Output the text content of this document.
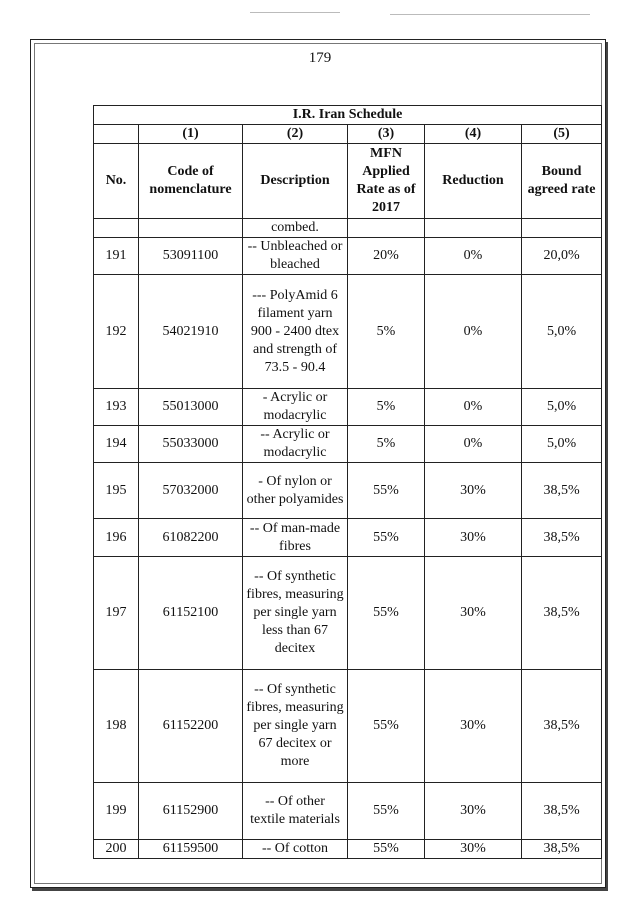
179
I.R. Iran Schedule					
	(1)	(2)	(3)	(4)	(5)
No.	Code of nomenclature	Description	MFN Applied Rate as of 2017	Reduction	Bound agreed rate
		combed.			
191	53091100	-- Unbleached or bleached	20%	0%	20,0%
192	54021910	--- PolyAmid 6 filament yarn 900 - 2400 dtex and strength of 73.5 - 90.4	5%	0%	5,0%
193	55013000	- Acrylic or modacrylic	5%	0%	5,0%
194	55033000	-- Acrylic or modacrylic	5%	0%	5,0%
195	57032000	- Of nylon or other polyamides	55%	30%	38,5%
196	61082200	-- Of man-made fibres	55%	30%	38,5%
197	61152100	-- Of synthetic fibres, measuring per single yarn less than 67 decitex	55%	30%	38,5%
198	61152200	-- Of synthetic fibres, measuring per single yarn 67 decitex or more	55%	30%	38,5%
199	61152900	-- Of other textile materials	55%	30%	38,5%
200	61159500	-- Of cotton	55%	30%	38,5%
